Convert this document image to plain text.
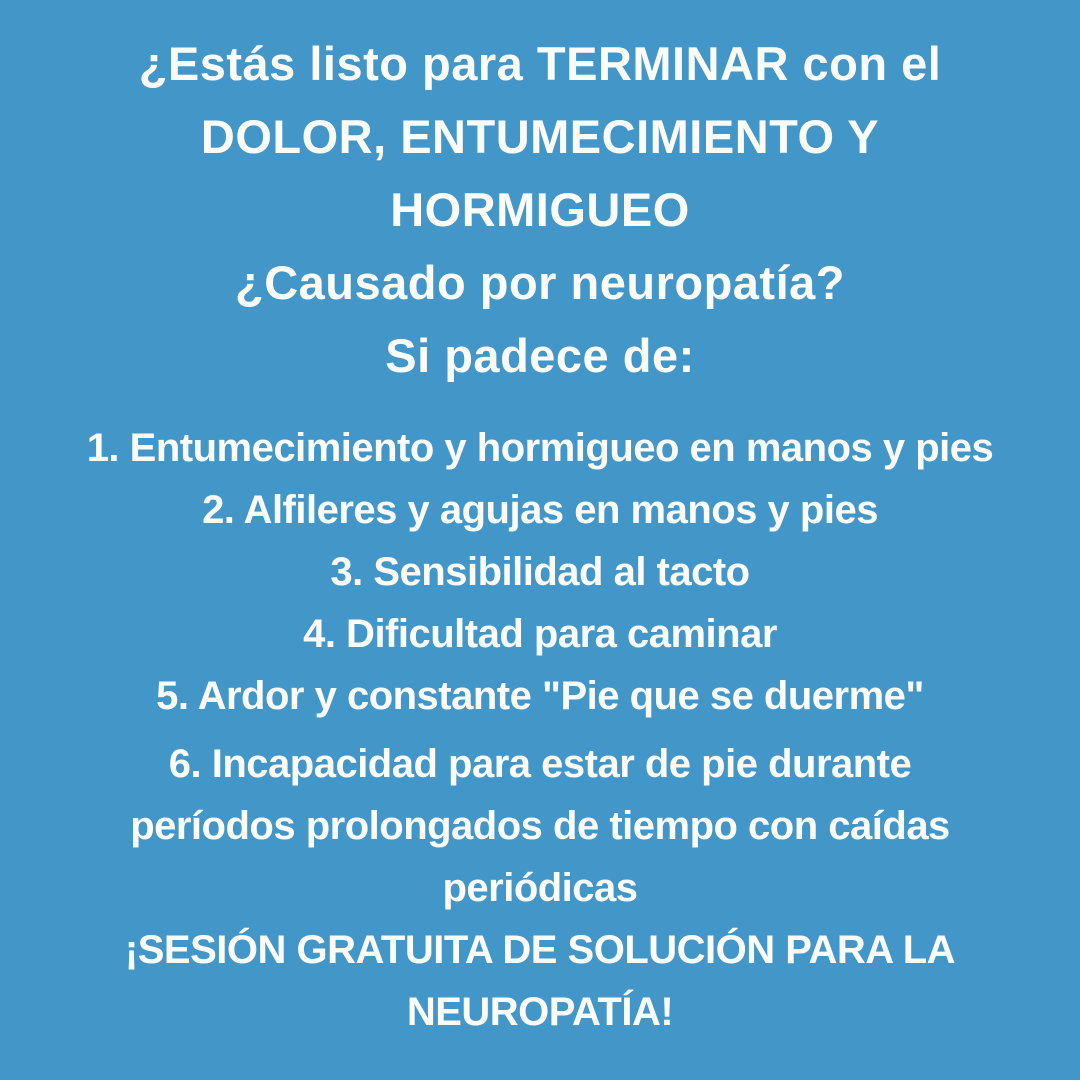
¿Estás listo para TERMINAR con el
DOLOR, ENTUMECIMIENTO Y
HORMIGUEO
¿Causado por neuropatía?
Si padece de:
1. Entumecimiento y hormigueo en manos y pies
2. Alfileres y agujas en manos y pies
3. Sensibilidad al tacto
4. Dificultad para caminar
5. Ardor y constante "Pie que se duerme"
6. Incapacidad para estar de pie durante
períodos prolongados de tiempo con caídas
periódicas
¡SESIÓN GRATUITA DE SOLUCIÓN PARA LA
NEUROPATÍA!
